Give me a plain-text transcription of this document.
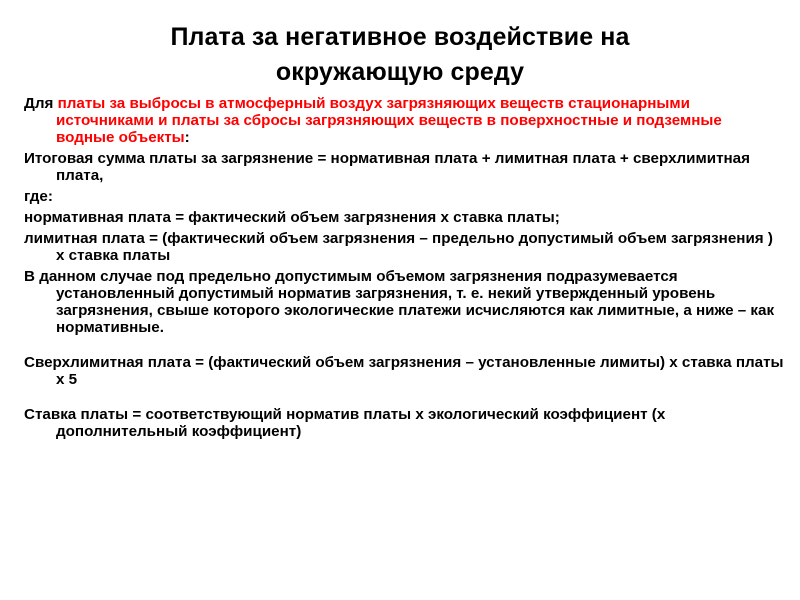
Плата за негативное воздействие на
окружающую среду

Для платы за выбросы в атмосферный воздух загрязняющих веществ стационарными источниками и платы за сбросы загрязняющих веществ в поверхностные и подземные водные объекты:

Итоговая сумма платы за загрязнение = нормативная плата + лимитная плата + сверхлимитная плата,

где:

нормативная плата = фактический объем загрязнения х ставка платы;

лимитная плата = (фактический объем загрязнения – предельно допустимый объем загрязнения ) х ставка платы

В данном случае под предельно допустимым объемом загрязнения подразумевается установленный допустимый норматив загрязнения, т. е. некий утвержденный уровень загрязнения, свыше которого экологические платежи исчисляются как лимитные, а ниже – как нормативные.

Сверхлимитная плата = (фактический объем загрязнения – установленные лимиты) х ставка платы х 5

Ставка платы = соответствующий норматив платы х экологический коэффициент (х дополнительный коэффициент)
